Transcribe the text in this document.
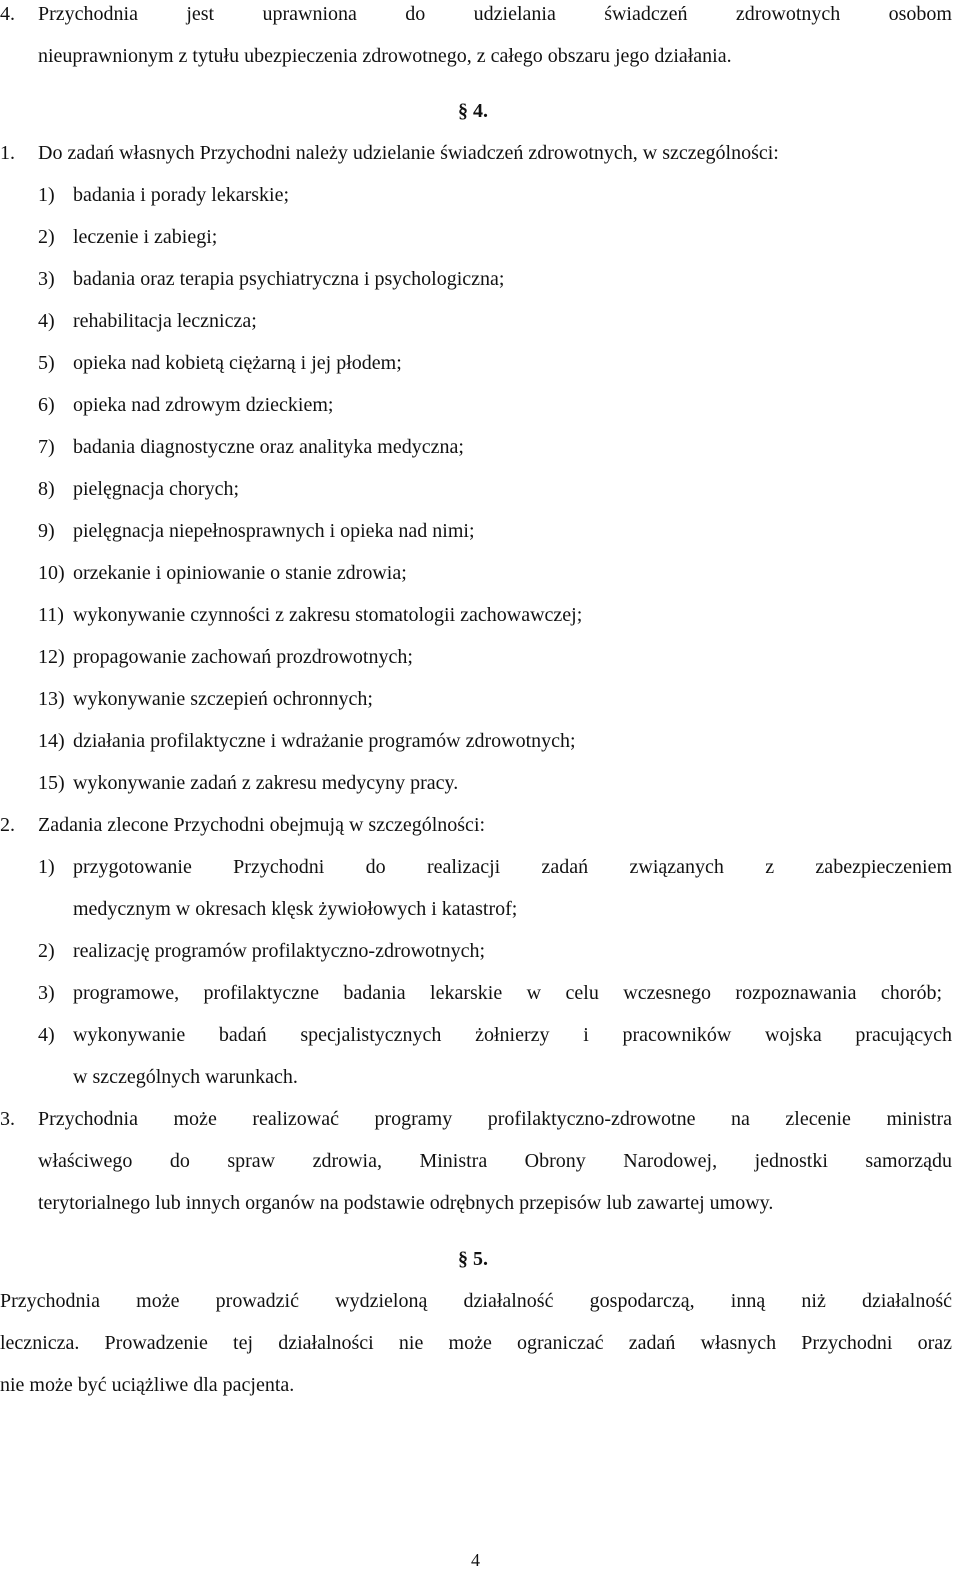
4. Przychodnia jest uprawniona do udzielania świadczeń zdrowotnych osobom
nieuprawnionym z tytułu ubezpieczenia zdrowotnego, z całego obszaru jego działania.
§ 4.
1. Do zadań własnych Przychodni należy udzielanie świadczeń zdrowotnych, w szczególności:
1) badania i porady lekarskie;
2) leczenie i zabiegi;
3) badania oraz terapia psychiatryczna i psychologiczna;
4) rehabilitacja lecznicza;
5) opieka nad kobietą ciężarną i jej płodem;
6) opieka nad zdrowym dzieckiem;
7) badania diagnostyczne oraz analityka medyczna;
8) pielęgnacja chorych;
9) pielęgnacja niepełnosprawnych i opieka nad nimi;
10) orzekanie i opiniowanie o stanie zdrowia;
11) wykonywanie czynności z zakresu stomatologii zachowawczej;
12) propagowanie zachowań prozdrowotnych;
13) wykonywanie szczepień ochronnych;
14) działania profilaktyczne i wdrażanie programów zdrowotnych;
15) wykonywanie zadań z zakresu medycyny pracy.
2. Zadania zlecone Przychodni obejmują w szczególności:
1) przygotowanie Przychodni do realizacji zadań związanych z zabezpieczeniem
medycznym w okresach klęsk żywiołowych i katastrof;
2) realizację programów profilaktyczno-zdrowotnych;
3) programowe, profilaktyczne badania lekarskie w celu wczesnego rozpoznawania chorób;
4) wykonywanie badań specjalistycznych żołnierzy i pracowników wojska pracujących
w szczególnych warunkach.
3. Przychodnia może realizować programy profilaktyczno-zdrowotne na zlecenie ministra
właściwego do spraw zdrowia, Ministra Obrony Narodowej, jednostki samorządu
terytorialnego lub innych organów na podstawie odrębnych przepisów lub zawartej umowy.
§ 5.
Przychodnia może prowadzić wydzieloną działalność gospodarczą, inną niż działalność
lecznicza. Prowadzenie tej działalności nie może ograniczać zadań własnych Przychodni oraz
nie może być uciążliwe dla pacjenta.
4
